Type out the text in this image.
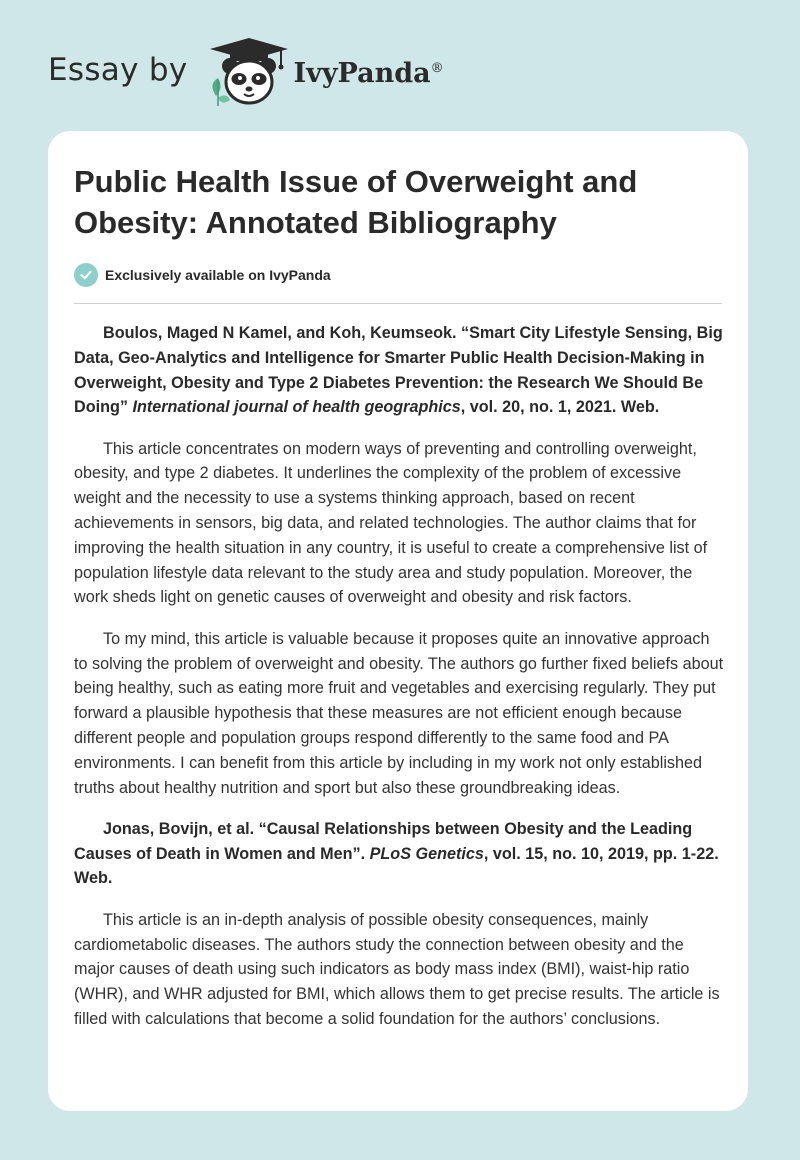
Essay by	IvyPanda®
Public Health Issue of Overweight and Obesity: Annotated Bibliography
Exclusively available on IvyPanda

Boulos, Maged N Kamel, and Koh, Keumseok. “Smart City Lifestyle Sensing, Big Data, Geo-Analytics and Intelligence for Smarter Public Health Decision-Making in Overweight, Obesity and Type 2 Diabetes Prevention: the Research We Should Be Doing” International journal of health geographics, vol. 20, no. 1, 2021. Web.

This article concentrates on modern ways of preventing and controlling overweight, obesity, and type 2 diabetes. It underlines the complexity of the problem of excessive weight and the necessity to use a systems thinking approach, based on recent achievements in sensors, big data, and related technologies. The author claims that for improving the health situation in any country, it is useful to create a comprehensive list of population lifestyle data relevant to the study area and study population. Moreover, the work sheds light on genetic causes of overweight and obesity and risk factors.

To my mind, this article is valuable because it proposes quite an innovative approach to solving the problem of overweight and obesity. The authors go further fixed beliefs about being healthy, such as eating more fruit and vegetables and exercising regularly. They put forward a plausible hypothesis that these measures are not efficient enough because different people and population groups respond differently to the same food and PA environments. I can benefit from this article by including in my work not only established truths about healthy nutrition and sport but also these groundbreaking ideas.

Jonas, Bovijn, et al. “Causal Relationships between Obesity and the Leading Causes of Death in Women and Men”. PLoS Genetics, vol. 15, no. 10, 2019, pp. 1-22. Web.

This article is an in-depth analysis of possible obesity consequences, mainly cardiometabolic diseases. The authors study the connection between obesity and the major causes of death using such indicators as body mass index (BMI), waist-hip ratio (WHR), and WHR adjusted for BMI, which allows them to get precise results. The article is filled with calculations that become a solid foundation for the authors’ conclusions.
